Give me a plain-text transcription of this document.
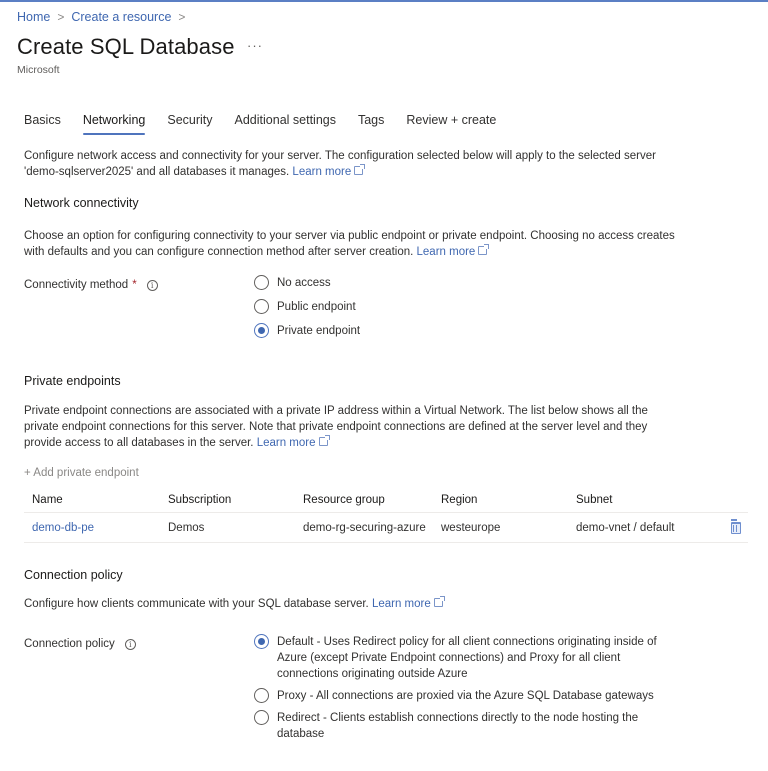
Home > Create a resource >
Create SQL Database ···
Microsoft
Basics Networking Security Additional settings Tags Review + create

Configure network access and connectivity for your server. The configuration selected below will apply to the selected server 'demo-sqlserver2025' and all databases it manages. Learn more

Network connectivity

Choose an option for configuring connectivity to your server via public endpoint or private endpoint. Choosing no access creates with defaults and you can configure connection method after server creation. Learn more

Connectivity method *	i	No access
Public endpoint
Private endpoint
Private endpoints

Private endpoint connections are associated with a private IP address within a Virtual Network. The list below shows all the private endpoint connections for this server. Note that private endpoint connections are defined at the server level and they provide access to all databases in the server. Learn more

+ Add private endpoint
Name	Subscription	Resource group	Region	Subnet
demo-db-pe	Demos	demo-rg-securing-azure	westeurope	demo-vnet / default
Connection policy

Configure how clients communicate with your SQL database server. Learn more

Connection policy	i	Default - Uses Redirect policy for all client connections originating inside of Azure (except Private Endpoint connections) and Proxy for all client connections originating outside Azure
Proxy - All connections are proxied via the Azure SQL Database gateways
Redirect - Clients establish connections directly to the node hosting the database
